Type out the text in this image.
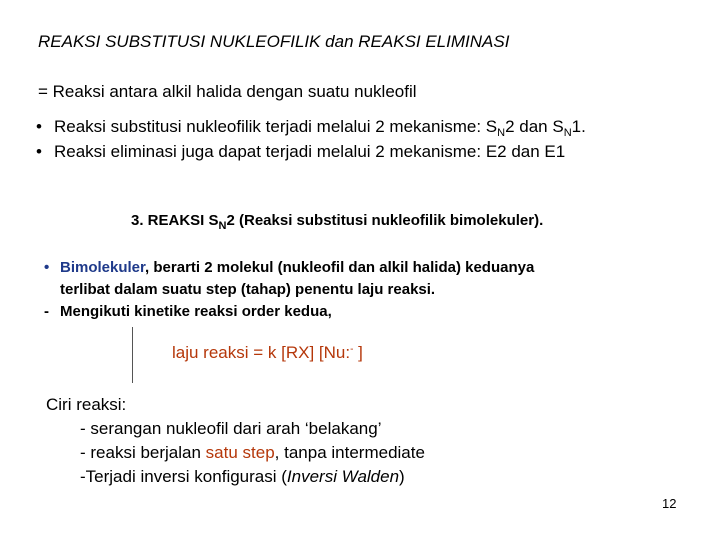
REAKSI SUBSTITUSI NUKLEOFILIK dan REAKSI ELIMINASI
= Reaksi antara alkil halida dengan suatu nukleofil
• Reaksi substitusi nukleofilik terjadi melalui 2 mekanisme: $S_N2$ dan $S_N1$.
• Reaksi eliminasi juga dapat terjadi melalui 2 mekanisme: E2 dan E1
3. REAKSI $S_N2$ (Reaksi substitusi nukleofilik bimolekuler).
• Bimolekuler, berarti 2 molekul (nukleofil dan alkil halida) keduanya
terlibat dalam suatu step (tahap) penentu laju reaksi.
- Mengikuti kinetike reaksi order kedua,
laju reaksi = k [RX] [Nu:- ]
Ciri reaksi:
- serangan nukleofil dari arah ‘belakang’
- reaksi berjalan satu step, tanpa intermediate
-Terjadi inversi konfigurasi (Inversi Walden)
12
